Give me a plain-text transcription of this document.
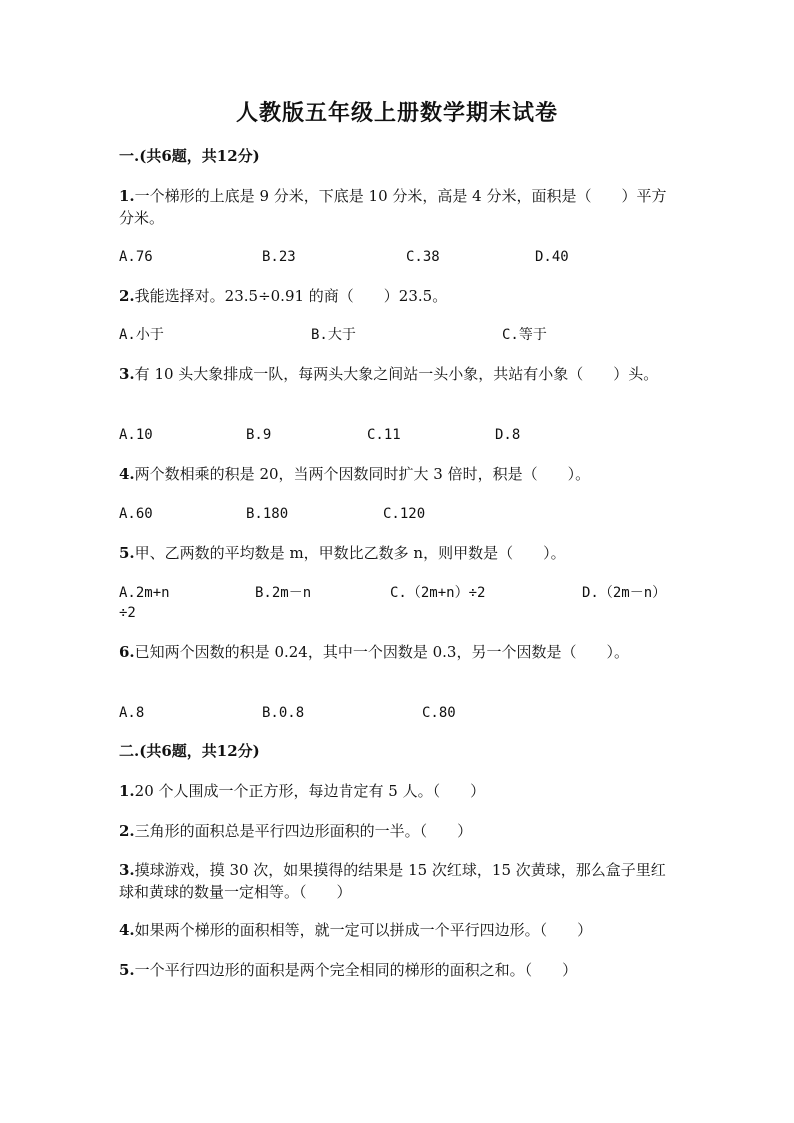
人教版五年级上册数学期末试卷
一.(共6题，共12分)
1.一个梯形的上底是 9 分米，下底是 10 分米，高是 4 分米，面积是（　　）平方分米。
A.76	B.23	C.38	D.40
2.我能选择对。23.5÷0.91 的商（　　）23.5。
A.小于	B.大于	C.等于
3.有 10 头大象排成一队，每两头大象之间站一头小象，共站有小象（　　）头。
A.10	B.9	C.11	D.8
4.两个数相乘的积是 20，当两个因数同时扩大 3 倍时，积是（　　）。
A.60	B.180	C.120
5.甲、乙两数的平均数是 m，甲数比乙数多 n，则甲数是（　　）。
A.2m+n	B.2m－n	C.（2m+n）÷2	D.（2m－n）
÷2
6.已知两个因数的积是 0.24，其中一个因数是 0.3，另一个因数是（　　）。
A.8	B.0.8	C.80
二.(共6题，共12分)
1.20 个人围成一个正方形，每边肯定有 5 人。（　　）
2.三角形的面积总是平行四边形面积的一半。（　　）
3.摸球游戏，摸 30 次，如果摸得的结果是 15 次红球，15 次黄球，那么盒子里红球和黄球的数量一定相等。（　　）
4.如果两个梯形的面积相等，就一定可以拼成一个平行四边形。（　　）
5.一个平行四边形的面积是两个完全相同的梯形的面积之和。（　　）
